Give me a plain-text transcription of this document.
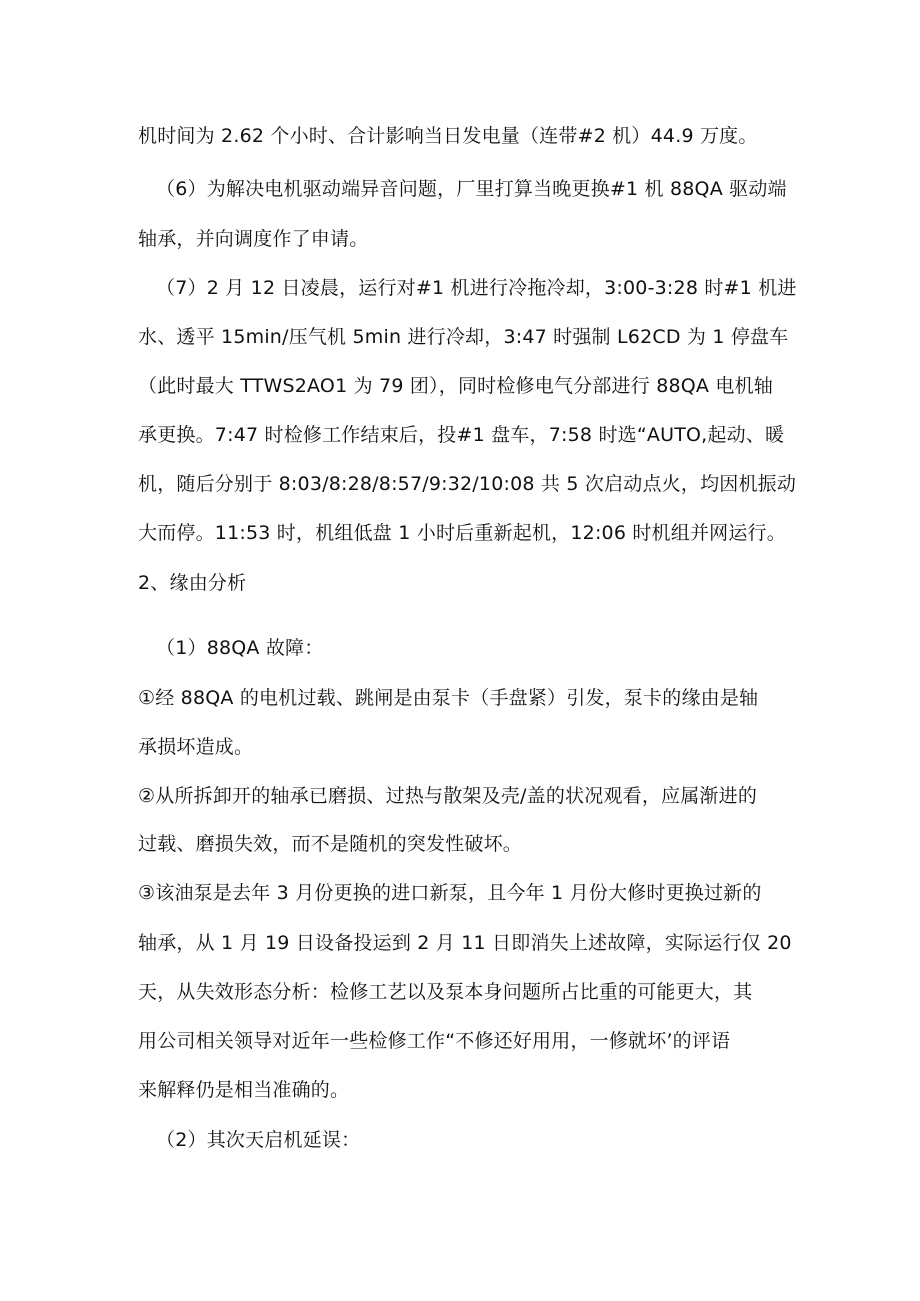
机时间为 2.62 个小时、合计影响当日发电量（连带#2 机）44.9 万度。
（6）为解决电机驱动端异音问题，厂里打算当晚更换#1 机 88QA 驱动端
轴承，并向调度作了申请。
（7）2 月 12 日凌晨，运行对#1 机进行冷拖冷却，3:00-3:28 时#1 机进
水、透平 15min/压气机 5min 进行冷却，3:47 时强制 L62CD 为 1 停盘车
（此时最大 TTWS2AO1 为 79 团），同时检修电气分部进行 88QA 电机轴
承更换。7:47 时检修工作结束后，投#1 盘车，7:58 时选“AUTO,起动、暖
机，随后分别于 8:03/8:28/8:57/9:32/10:08 共 5 次启动点火，均因机振动
大而停。11:53 时，机组低盘 1 小时后重新起机，12:06 时机组并网运行。
2、缘由分析
（1）88QA 故障：
①经 88QA 的电机过载、跳闸是由泵卡（手盘紧）引发，泵卡的缘由是轴
承损坏造成。
②从所拆卸开的轴承已磨损、过热与散架及壳/盖的状况观看，应属渐进的
过载、磨损失效，而不是随机的突发性破坏。
③该油泵是去年 3 月份更换的进口新泵，且今年 1 月份大修时更换过新的
轴承，从 1 月 19 日设备投运到 2 月 11 日即消失上述故障，实际运行仅 20
天，从失效形态分析：检修工艺以及泵本身问题所占比重的可能更大，其
用公司相关领导对近年一些检修工作“不修还好用用，一修就坏’的评语
来解释仍是相当准确的。
（2）其次天启机延误：
